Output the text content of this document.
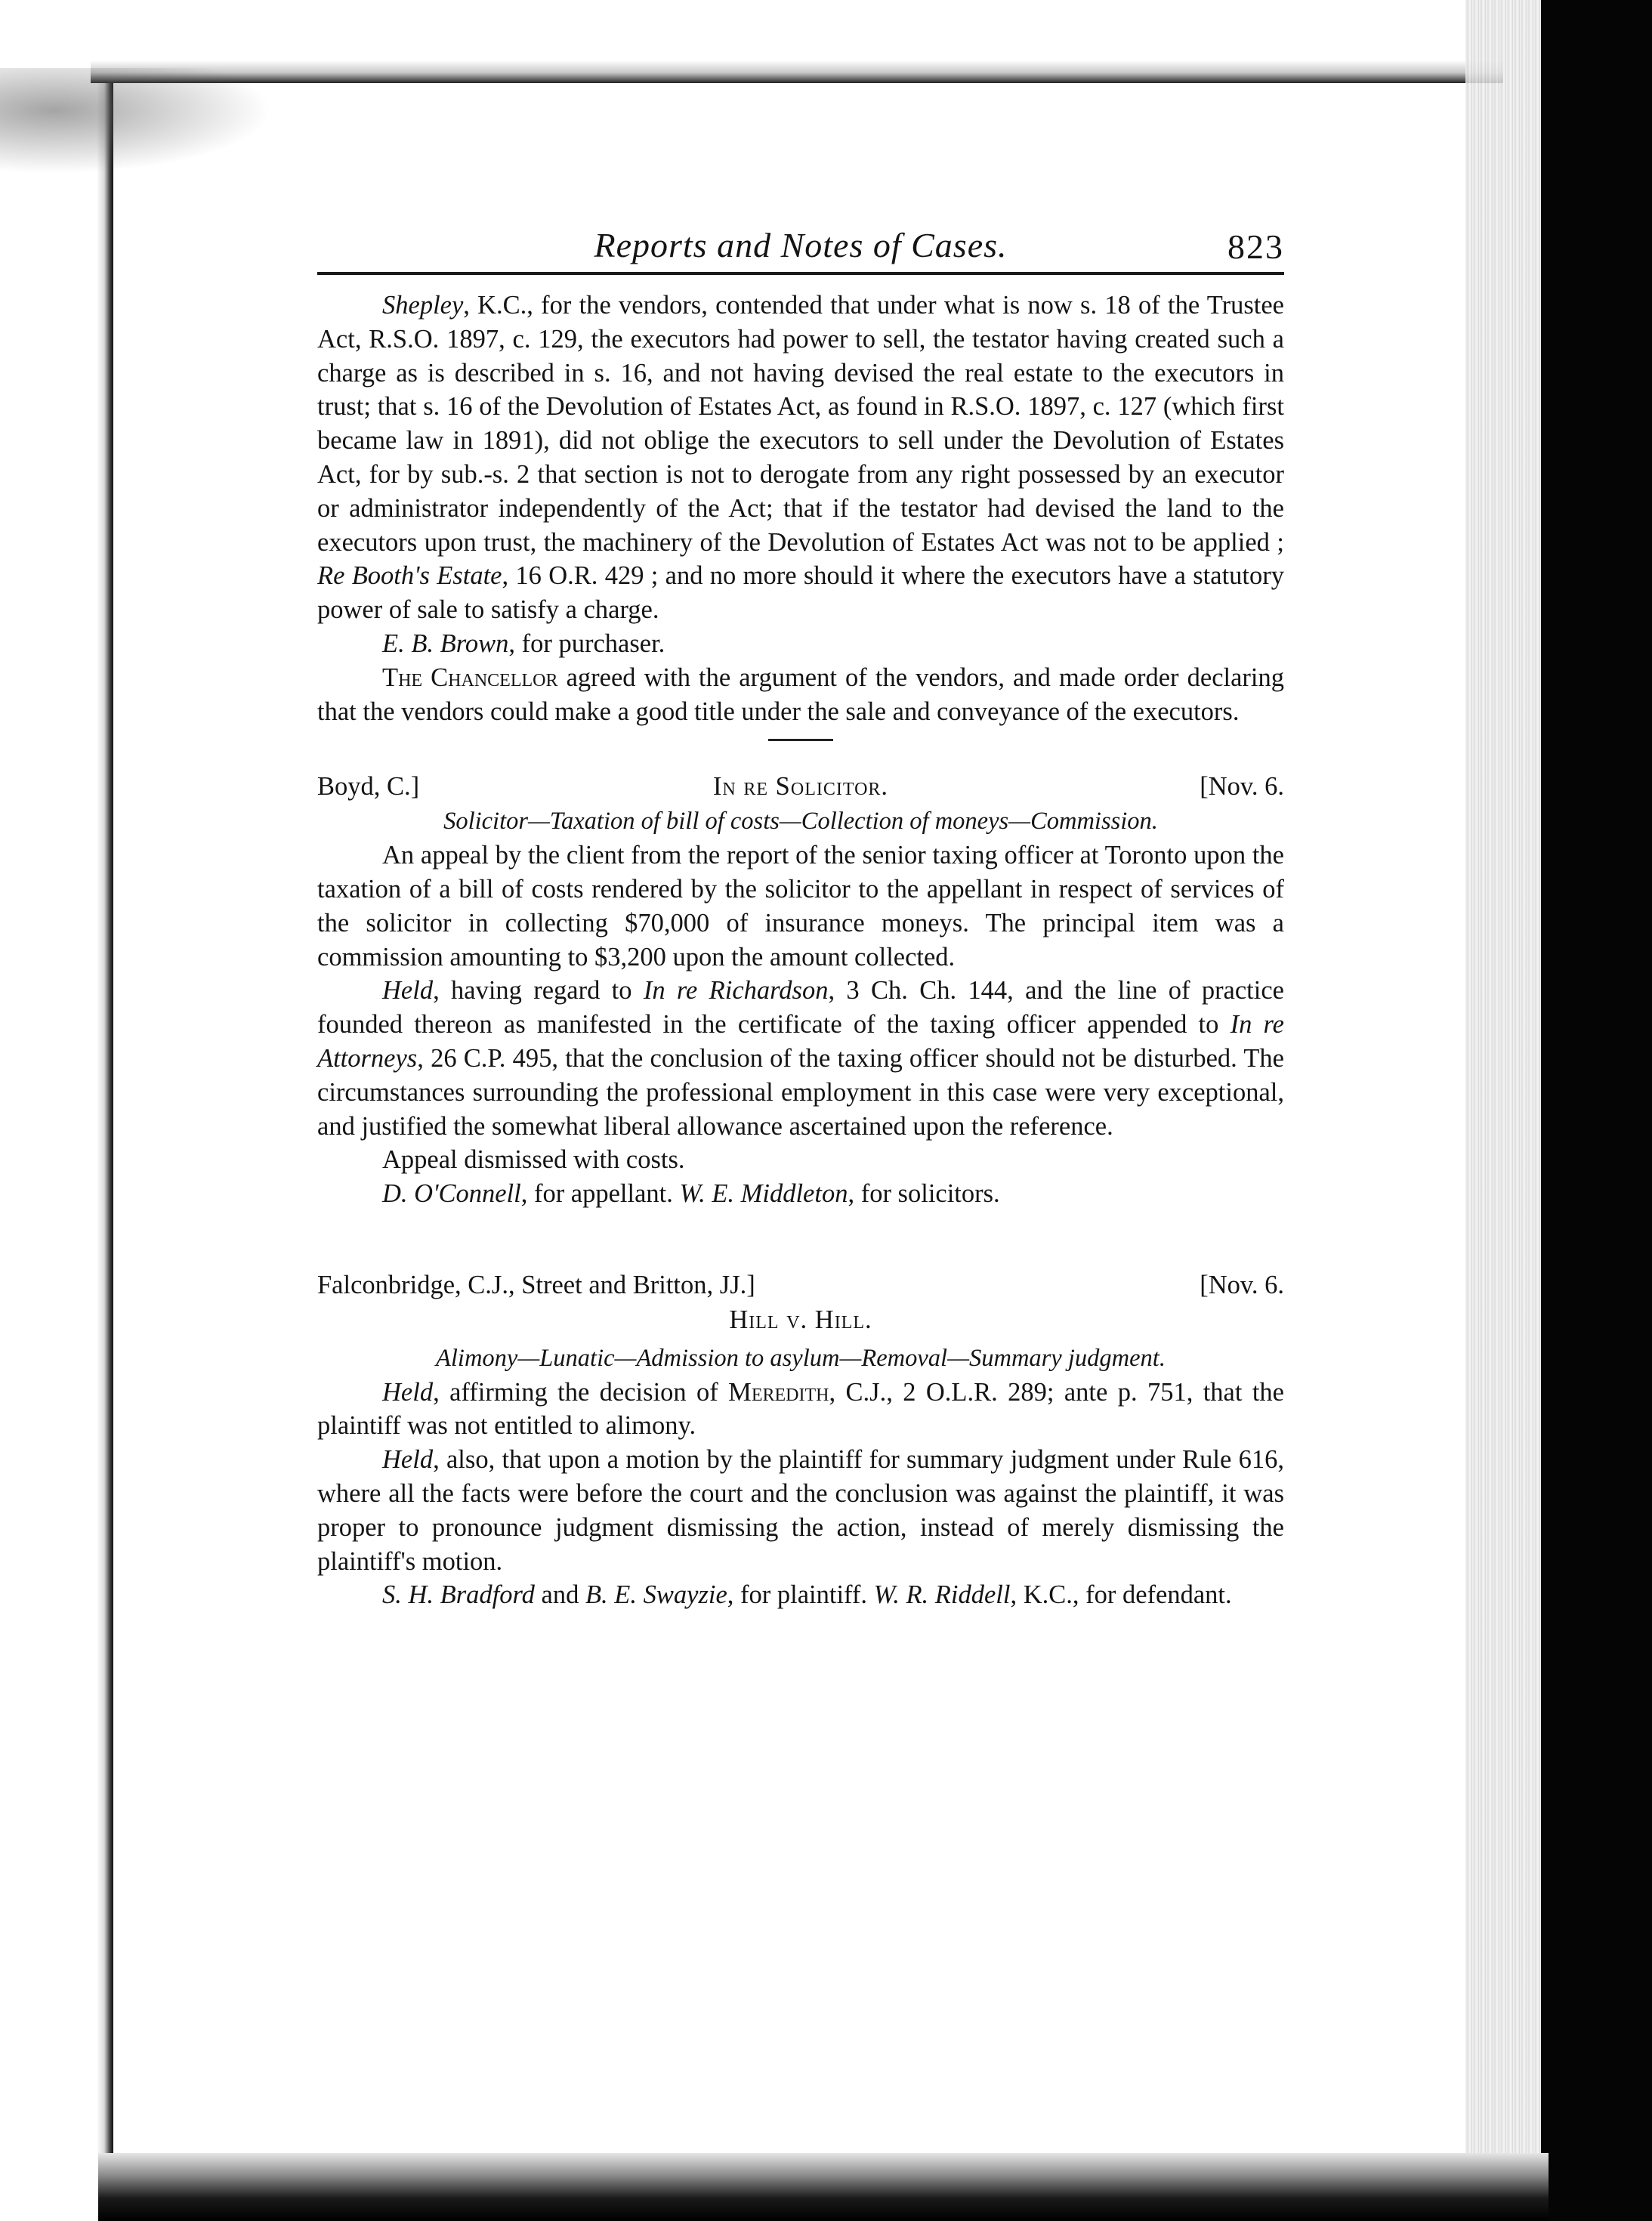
Reports and Notes of Cases.	823

Shepley, K.C., for the vendors, contended that under what is now s. 18 of the Trustee Act, R.S.O. 1897, c. 129, the executors had power to sell, the testator having created such a charge as is described in s. 16, and not having devised the real estate to the executors in trust; that s. 16 of the Devolution of Estates Act, as found in R.S.O. 1897, c. 127 (which first became law in 1891), did not oblige the executors to sell under the Devolution of Estates Act, for by sub.-s. 2 that section is not to derogate from any right possessed by an executor or administrator independently of the Act; that if the testator had devised the land to the executors upon trust, the machinery of the Devolution of Estates Act was not to be applied ; Re Booth's Estate, 16 O.R. 429 ; and no more should it where the executors have a statutory power of sale to satisfy a charge.

E. B. Brown, for purchaser.

The Chancellor agreed with the argument of the vendors, and made order declaring that the vendors could make a good title under the sale and conveyance of the executors.

Boyd, C.]	In re Solicitor.	[Nov. 6.

Solicitor—Taxation of bill of costs—Collection of moneys—Commission.

An appeal by the client from the report of the senior taxing officer at Toronto upon the taxation of a bill of costs rendered by the solicitor to the appellant in respect of services of the solicitor in collecting $70,000 of insurance moneys. The principal item was a commission amounting to $3,200 upon the amount collected.

Held, having regard to In re Richardson, 3 Ch. Ch. 144, and the line of practice founded thereon as manifested in the certificate of the taxing officer appended to In re Attorneys, 26 C.P. 495, that the conclusion of the taxing officer should not be disturbed. The circumstances surrounding the professional employment in this case were very exceptional, and justified the somewhat liberal allowance ascertained upon the reference.

Appeal dismissed with costs.

D. O'Connell, for appellant. W. E. Middleton, for solicitors.

Falconbridge, C.J., Street and Britton, JJ.]	[Nov. 6.
Hill v. Hill.

Alimony—Lunatic—Admission to asylum—Removal—Summary judgment.

Held, affirming the decision of Meredith, C.J., 2 O.L.R. 289; ante p. 751, that the plaintiff was not entitled to alimony.

Held, also, that upon a motion by the plaintiff for summary judgment under Rule 616, where all the facts were before the court and the conclusion was against the plaintiff, it was proper to pronounce judgment dismissing the action, instead of merely dismissing the plaintiff's motion.

S. H. Bradford and B. E. Swayzie, for plaintiff. W. R. Riddell, K.C., for defendant.
